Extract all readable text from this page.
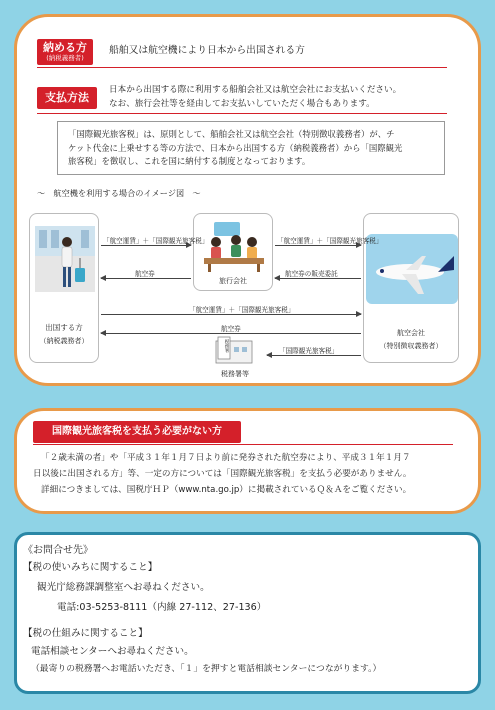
納める方
(納税義務者)
船舶又は航空機により日本から出国される方
支払方法
日本から出国する際に利用する船舶会社又は航空会社にお支払いください。
なお、旅行会社等を経由してお支払いしていただく場合もあります。
「国際観光旅客税」は、原則として、船舶会社又は航空会社（特別徴収義務者）が、チ
ケット代金に上乗せする等の方法で、日本から出国する方（納税義務者）から「国際観光
旅客税」を徴収し、これを国に納付する制度となっております。
～　航空機を利用する場合のイメージ図　～
出国する方
（納税義務者）
旅行会社
航空会社
（特別徴収義務者）
税務署
税務署等
「航空運賃」＋「国際観光旅客税」	「航空運賃」＋「国際観光旅客税」
航空券	航空券の販売委託
「航空運賃」＋「国際観光旅客税」
航空券
「国際観光旅客税」
国際観光旅客税を支払う必要がない方
「２歳未満の者」や「平成３１年１月７日より前に発券された航空券により、平成３１年１月７
日以後に出国される方」等、一定の方については「国際観光旅客税」を支払う必要がありません。
詳細につきましては、国税庁ＨＰ（www.nta.go.jp）に掲載されているＱ＆Ａをご覧ください。
《お問合せ先》
【税の使いみちに関すること】
観光庁総務課調整室へお尋ねください。
電話:03-5253-8111（内線 27-112、27-136）
【税の仕組みに関すること】
電話相談センターへお尋ねください。
（最寄りの税務署へお電話いただき、「１」を押すと電話相談センターにつながります。）
